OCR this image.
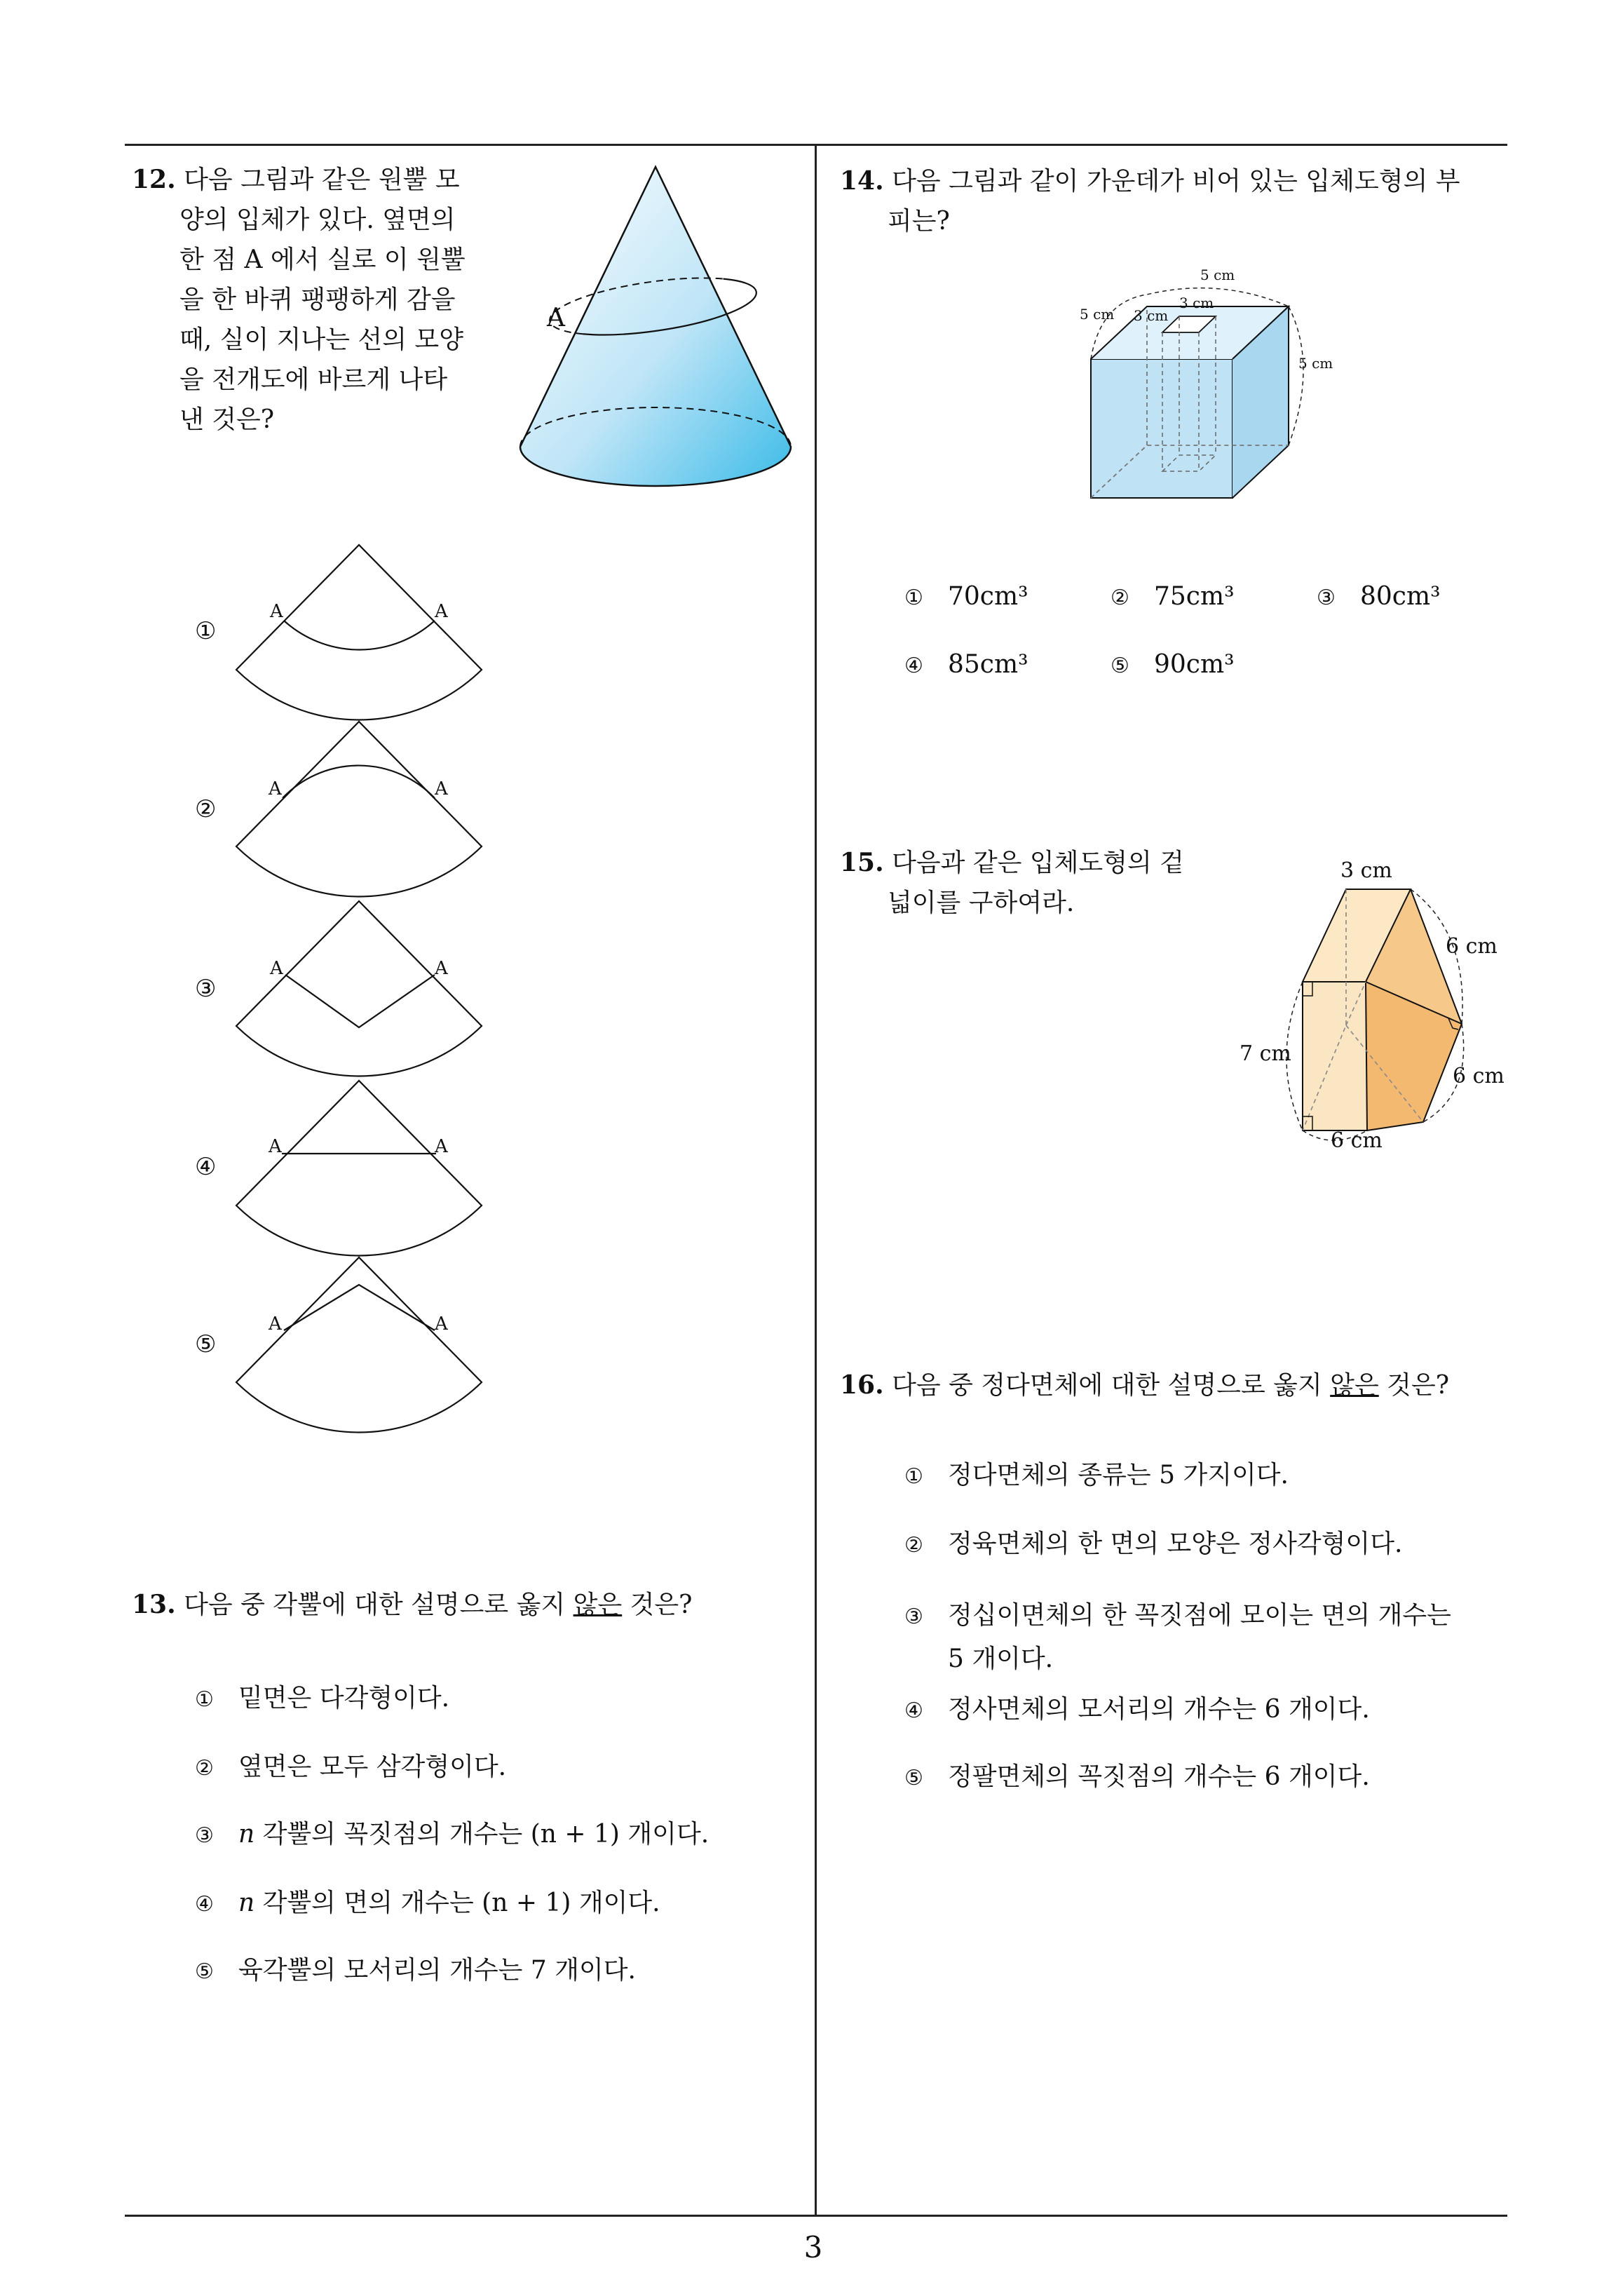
12. 다음 그림과 같은 원뿔 모
양의 입체가 있다. 옆면의
한 점 A 에서 실로 이 원뿔
을 한 바퀴 팽팽하게 감을
때, 실이 지나는 선의 모양
을 전개도에 바르게 나타
낸 것은?
A
①
②
③
④
⑤
A	A
A	A
A	A
A	A
A	A
13. 다음 중 각뿔에 대한 설명으로 옳지 않은 것은?
① 밑면은 다각형이다.
② 옆면은 모두 삼각형이다.
③ n 각뿔의 꼭짓점의 개수는 (n + 1) 개이다.
④ n 각뿔의 면의 개수는 (n + 1) 개이다.
⑤ 육각뿔의 모서리의 개수는 7 개이다.
14. 다음 그림과 같이 가운데가 비어 있는 입체도형의 부
피는?
5 cm
5 cm
5 cm
3 cm
3 cm
① 70cm³	② 75cm³	③ 80cm³
④ 85cm³	⑤ 90cm³
15. 다음과 같은 입체도형의 겉
넓이를 구하여라.
3 cm
6 cm
7 cm
6 cm
6 cm
16. 다음 중 정다면체에 대한 설명으로 옳지 않은 것은?
① 정다면체의 종류는 5 가지이다.
② 정육면체의 한 면의 모양은 정사각형이다.
③ 정십이면체의 한 꼭짓점에 모이는 면의 개수는
5 개이다.
④ 정사면체의 모서리의 개수는 6 개이다.
⑤ 정팔면체의 꼭짓점의 개수는 6 개이다.
3
